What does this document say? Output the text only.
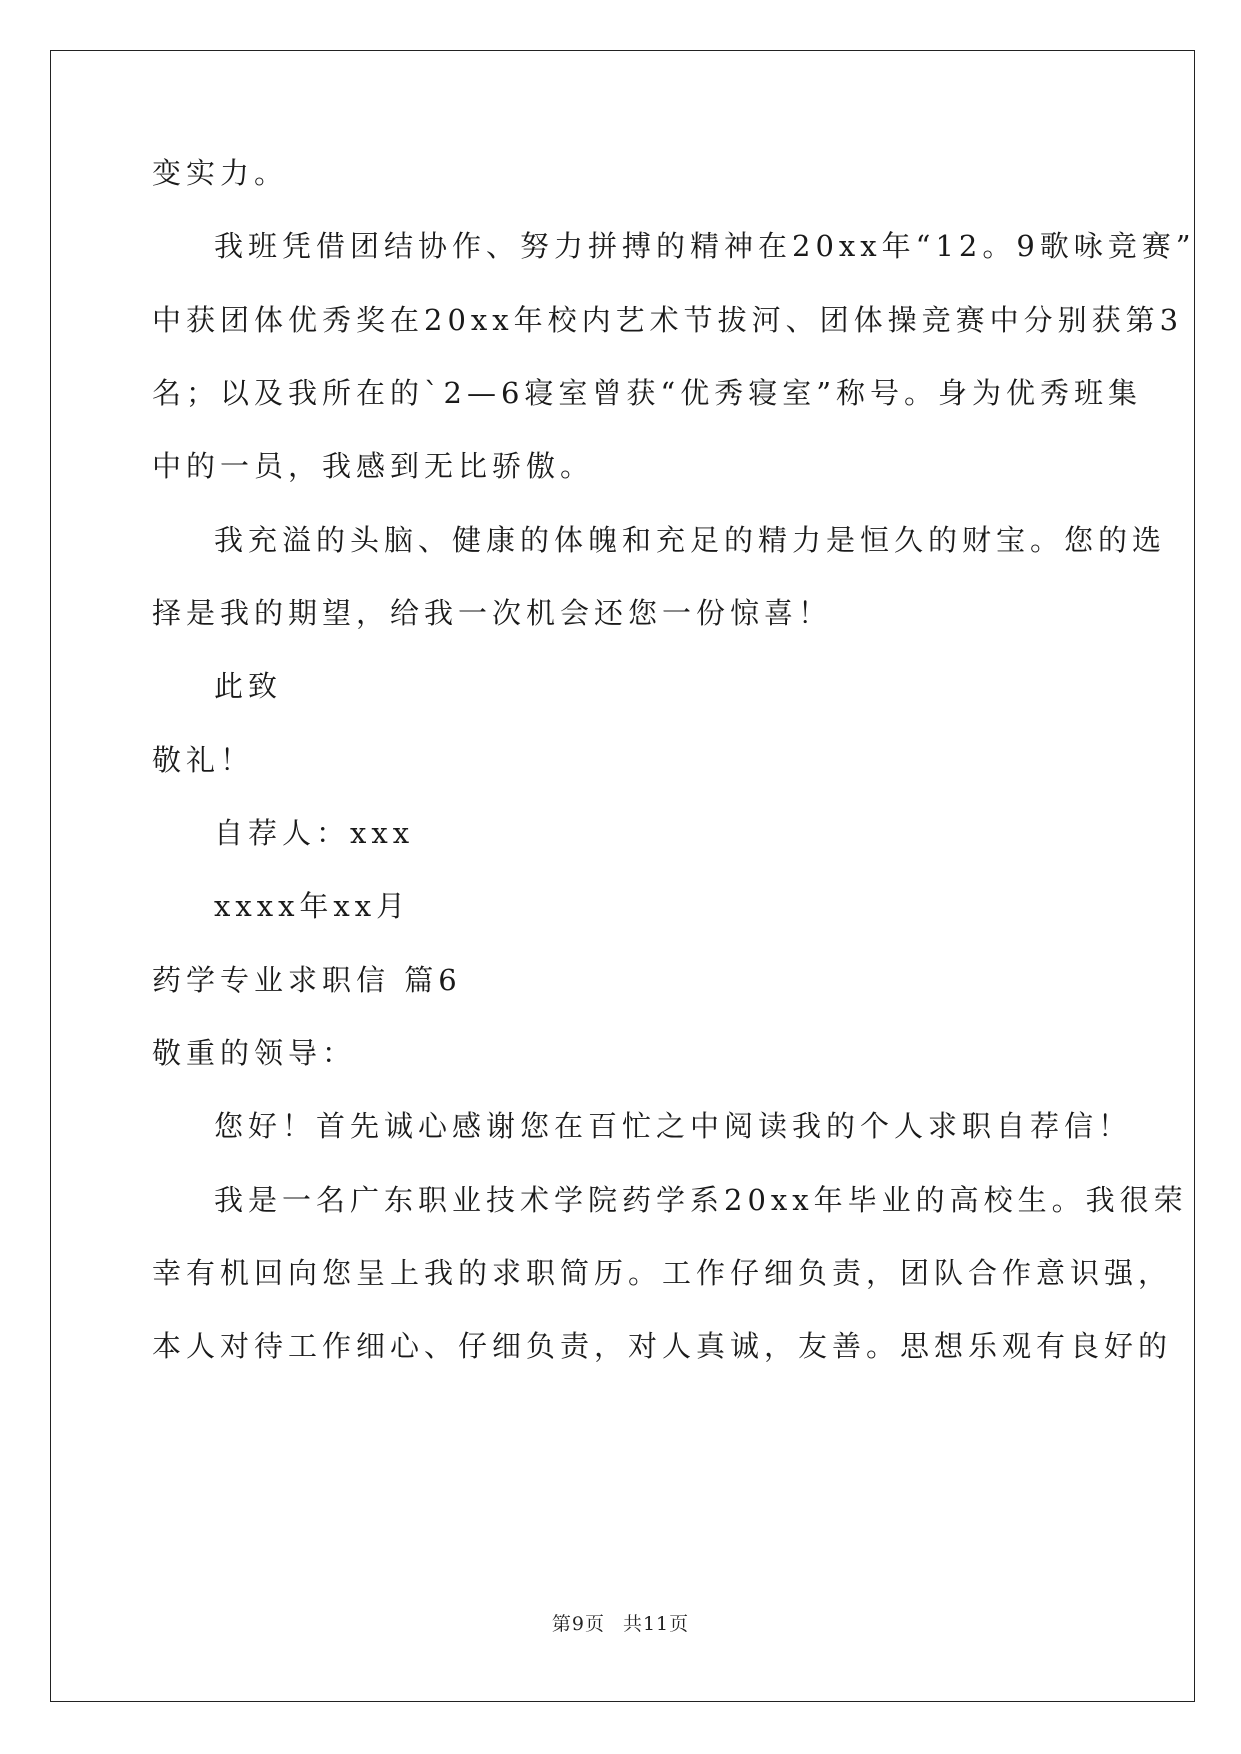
变实力。
我班凭借团结协作、努力拼搏的精神在20xx年“12。9歌咏竞赛”
中获团体优秀奖在20xx年校内艺术节拔河、团体操竞赛中分别获第3
名；以及我所在的`2—6寝室曾获“优秀寝室”称号。身为优秀班集
中的一员，我感到无比骄傲。
我充溢的头脑、健康的体魄和充足的精力是恒久的财宝。您的选
择是我的期望，给我一次机会还您一份惊喜！
此致
敬礼！
自荐人：xxx
xxxx年xx月
药学专业求职信 篇6
敬重的领导：
您好！首先诚心感谢您在百忙之中阅读我的个人求职自荐信！
我是一名广东职业技术学院药学系20xx年毕业的高校生。我很荣
幸有机回向您呈上我的求职简历。工作仔细负责，团队合作意识强，
本人对待工作细心、仔细负责，对人真诚，友善。思想乐观有良好的
第9页 共11页
